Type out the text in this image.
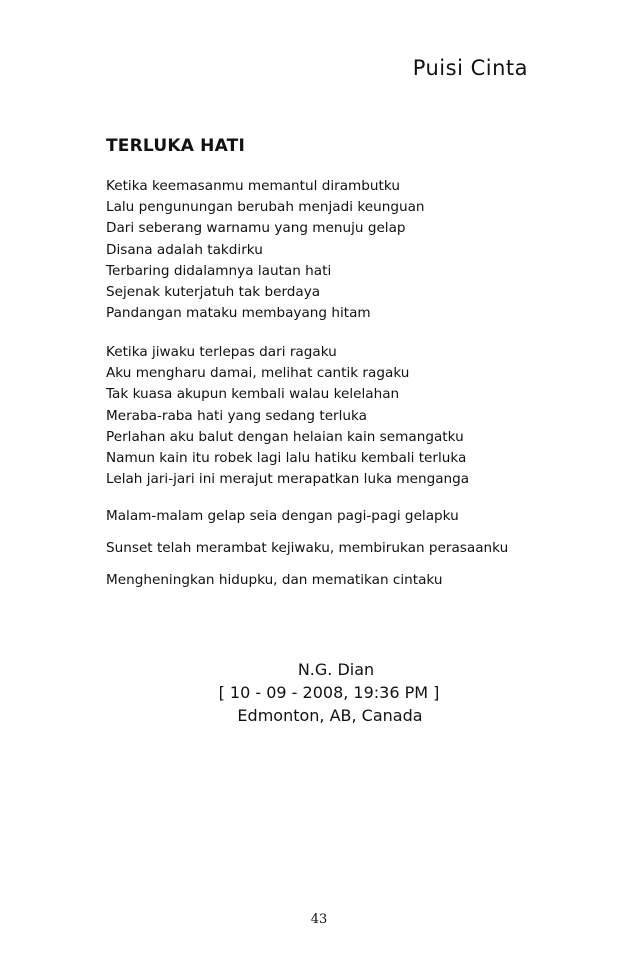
Puisi Cinta
TERLUKA HATI
Ketika keemasanmu memantul dirambutku
Lalu pengunungan berubah menjadi keunguan
Dari seberang warnamu yang menuju gelap
Disana adalah takdirku
Terbaring didalamnya lautan hati
Sejenak kuterjatuh tak berdaya
Pandangan mataku membayang hitam
Ketika jiwaku terlepas dari ragaku
Aku mengharu damai, melihat cantik ragaku
Tak kuasa akupun kembali walau kelelahan
Meraba-raba hati yang sedang terluka
Perlahan aku balut dengan helaian kain semangatku
Namun kain itu robek lagi lalu hatiku kembali terluka
Lelah jari-jari ini merajut merapatkan luka menganga
Malam-malam gelap seia dengan pagi-pagi gelapku
Sunset telah merambat kejiwaku, membirukan perasaanku
Mengheningkan hidupku, dan mematikan cintaku
N.G. Dian
[ 10 - 09 - 2008, 19:36 PM ]
Edmonton, AB, Canada
43
